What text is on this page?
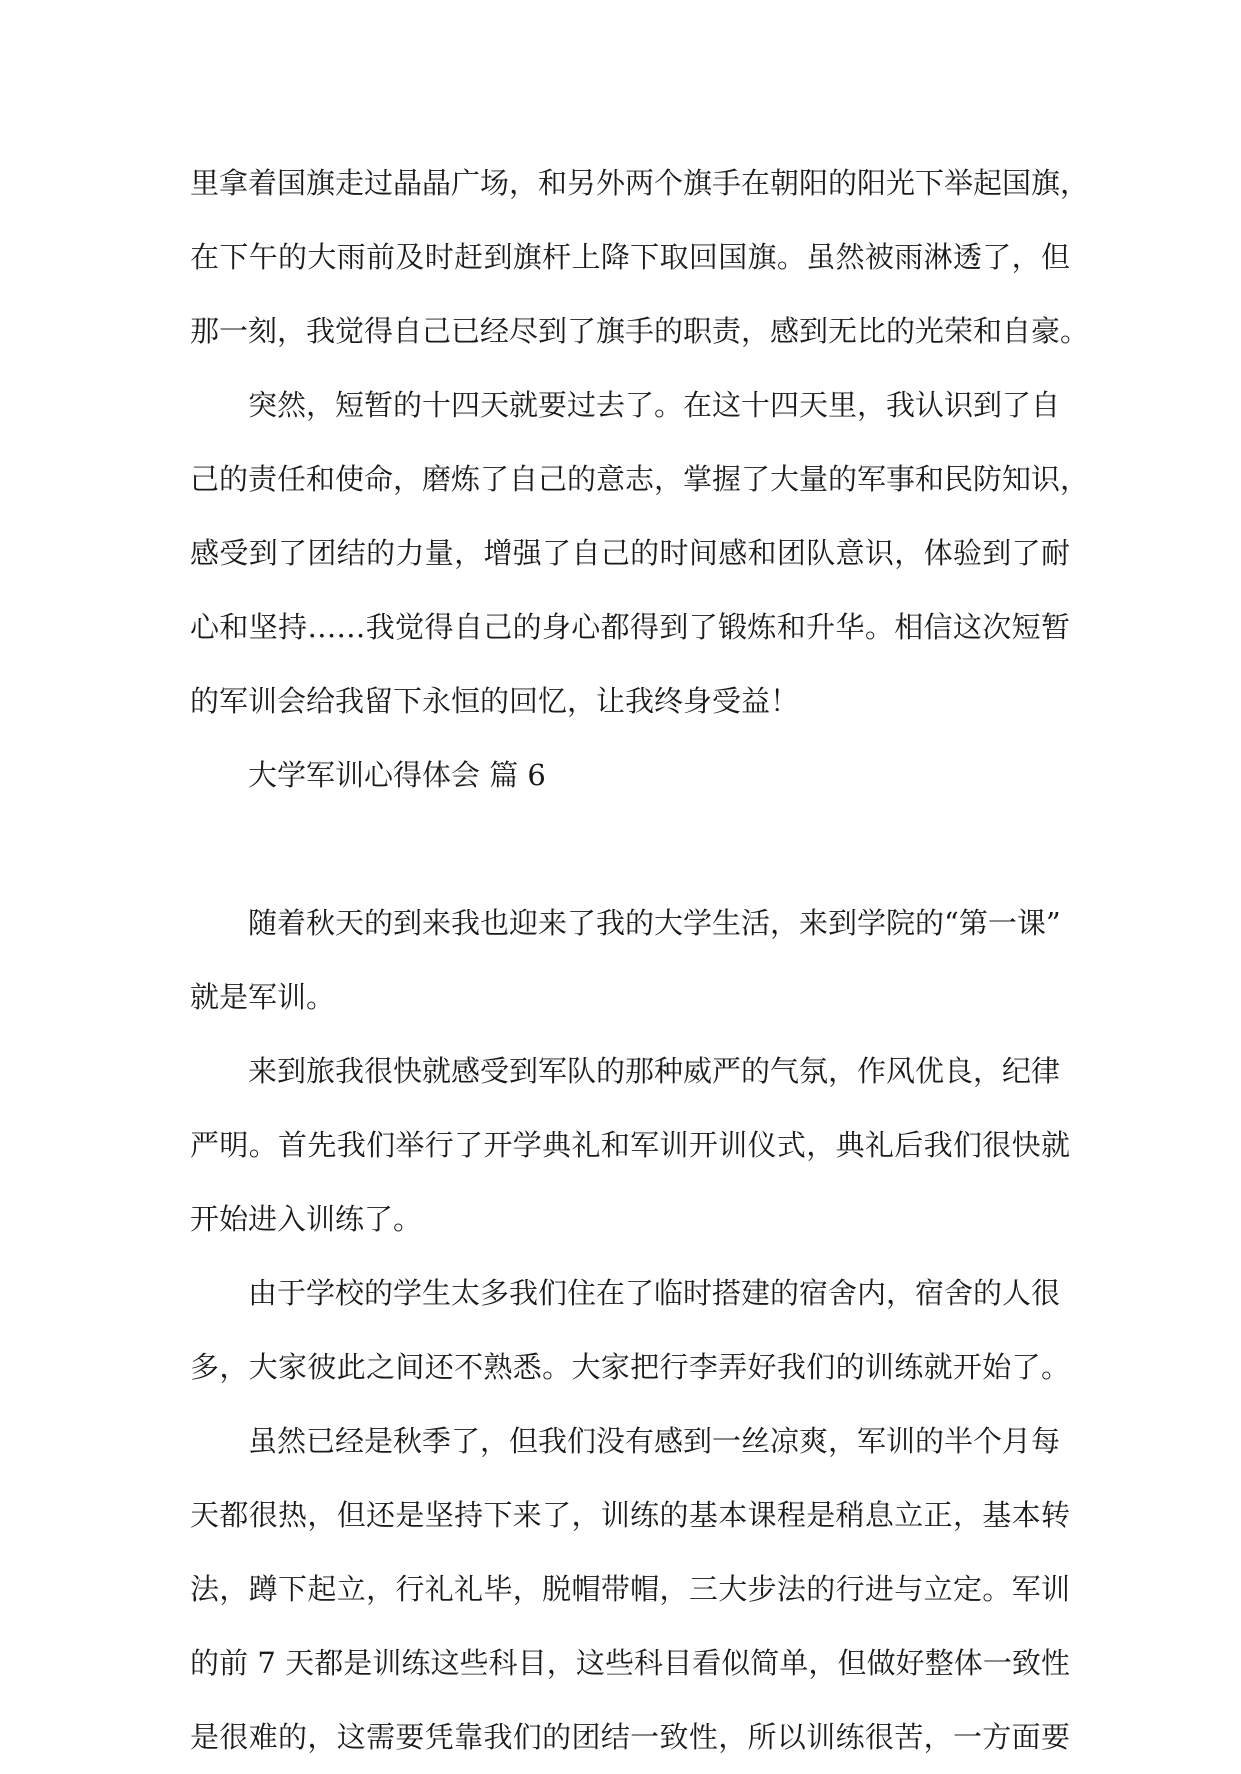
里拿着国旗走过晶晶广场，和另外两个旗手在朝阳的阳光下举起国旗，
在下午的大雨前及时赶到旗杆上降下取回国旗。虽然被雨淋透了，但
那一刻，我觉得自己已经尽到了旗手的职责，感到无比的光荣和自豪。
突然，短暂的十四天就要过去了。在这十四天里，我认识到了自
己的责任和使命，磨炼了自己的意志，掌握了大量的军事和民防知识，
感受到了团结的力量，增强了自己的时间感和团队意识，体验到了耐
心和坚持……我觉得自己的身心都得到了锻炼和升华。相信这次短暂
的军训会给我留下永恒的回忆，让我终身受益！
大学军训心得体会 篇 6
随着秋天的到来我也迎来了我的大学生活，来到学院的“第一课”
就是军训。
来到旅我很快就感受到军队的那种威严的气氛，作风优良，纪律
严明。首先我们举行了开学典礼和军训开训仪式，典礼后我们很快就
开始进入训练了。
由于学校的学生太多我们住在了临时搭建的宿舍内，宿舍的人很
多，大家彼此之间还不熟悉。大家把行李弄好我们的训练就开始了。
虽然已经是秋季了，但我们没有感到一丝凉爽，军训的半个月每
天都很热，但还是坚持下来了，训练的基本课程是稍息立正，基本转
法，蹲下起立，行礼礼毕，脱帽带帽，三大步法的行进与立定。军训
的前 7 天都是训练这些科目，这些科目看似简单，但做好整体一致性
是很难的，这需要凭靠我们的团结一致性，所以训练很苦，一方面要
